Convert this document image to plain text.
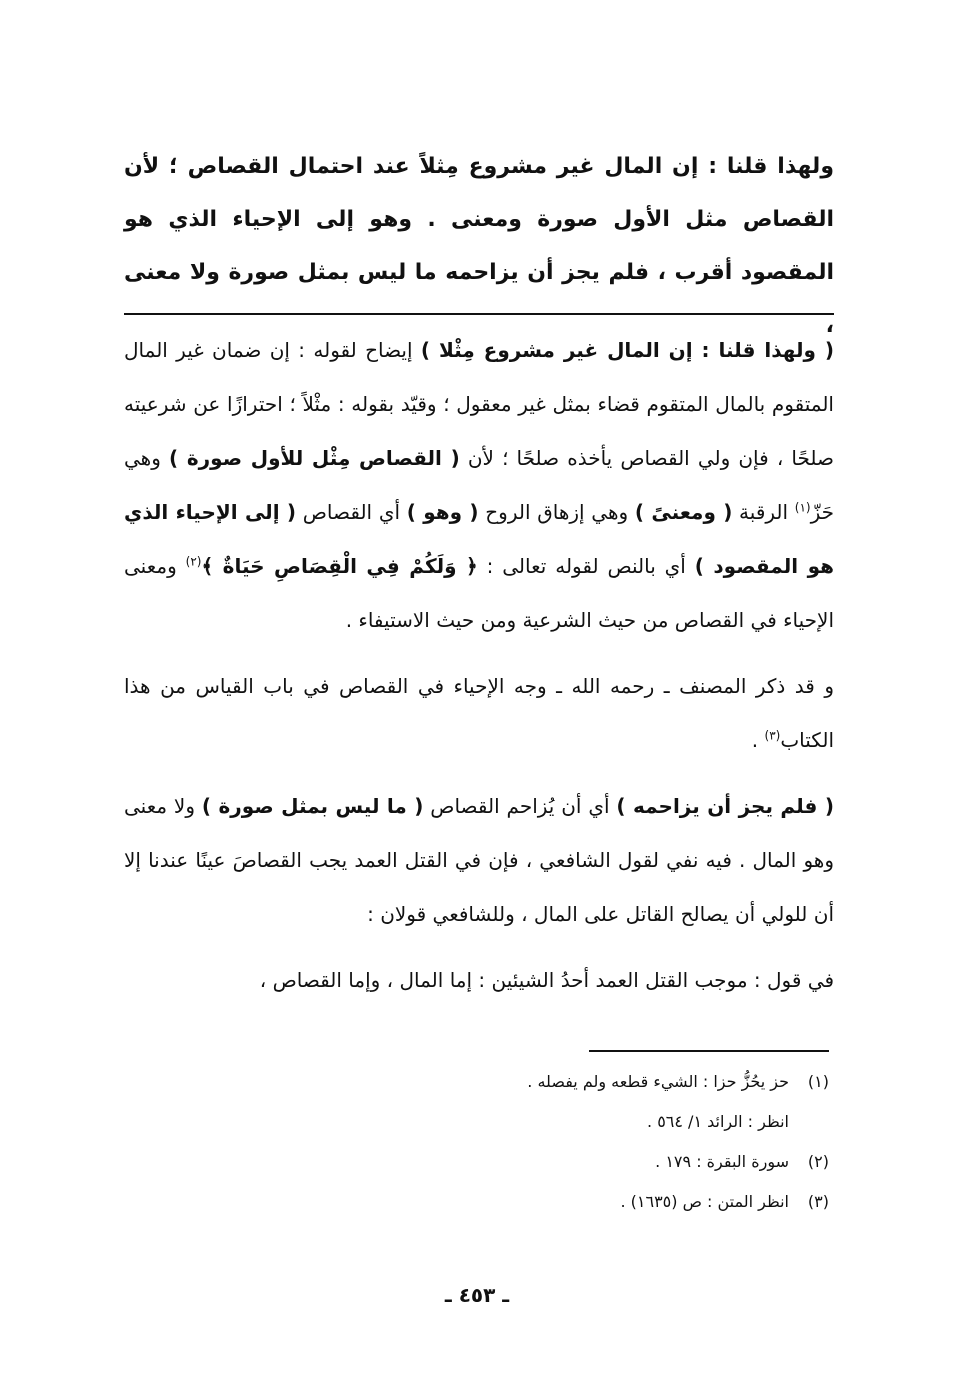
ولهذا قلنا : إن المال غير مشروع مِثلاً عند احتمال القصاص ؛ لأن القصاص مثل الأول صورة ومعنى . وهو إلى الإحياء الذي هو المقصود أقرب ، فلم يجز أن يزاحمه ما ليس بمثل صورة ولا معنى ،

( ولهذا قلنا : إن المال غير مشروع مِثْلا ) إيضاح لقوله : إن ضمان غير المال المتقوم بالمال المتقوم قضاء بمثل غير معقول ؛ وقيّد بقوله : مثْلاً ؛ احترازًا عن شرعيته صلحًا ، فإن ولي القصاص يأخذه صلحًا ؛ لأن ( القصاص مِثْل للأول صورة ) وهي حَزّ$^{(١)}$ الرقبة ( ومعنىً ) وهي إزهاق الروح ( وهو ) أي القصاص ( إلى الإحياء الذي هو المقصود ) أي بالنص لقوله تعالى : ﴿ وَلَكُمْ فِي الْقِصَاصِ حَيَاةٌ ﴾$^{(٢)}$ ومعنى الإحياء في القصاص من حيث الشرعية ومن حيث الاستيفاء .

و قد ذكر المصنف ـ رحمه الله ـ وجه الإحياء في القصاص في باب القياس من هذا الكتاب$^{(٣)}$ .

( فلم يجز أن يزاحمه ) أي أن يُزاحم القصاص ( ما ليس بمثل صورة ) ولا معنى وهو المال . فيه نفي لقول الشافعي ، فإن في القتل العمد يجب القصاصَ عينًا عندنا إلا أن للولي أن يصالح القاتل على المال ، وللشافعي قولان :

في قول : موجب القتل العمد أحدُ الشيئين : إما المال ، وإما القصاص ،

(١)حز يحُزُّ حزا : الشيء قطعه ولم يفصله .

انظر : الرائد ١/ ٥٦٤ .

(٢)سورة البقرة : ١٧٩ .

(٣)انظر المتن : ص (١٦٣٥) .

ـ ٤٥٣ ـ
